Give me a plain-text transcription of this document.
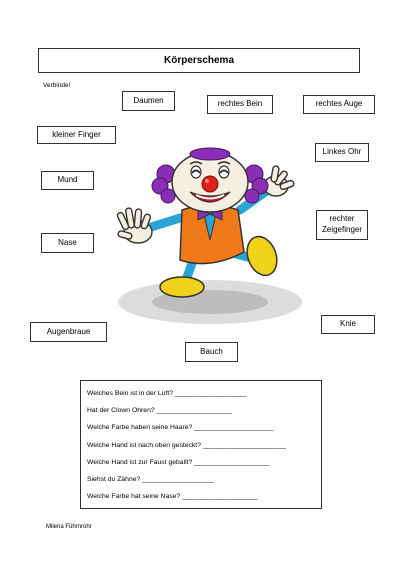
Körperschema
Verbinde!
Daumen	rechtes Bein	rechtes Auge
kleiner Finger
Linkes Ohr
Mund
rechter
Zeigefinger
Nase
Knie
Augenbraue
Bauch
Welches Bein ist in der Luft? ___________________
Hat der Clown Ohren? ____________________
Welche Farbe haben seine Haare? _____________________
Welche Hand ist nach oben gesteckt? ______________________
Welche Hand ist zur Faust geballt? ____________________
Siehst du Zähne? ___________________
Welche Farbe hat seine Nase? ____________________
Milena Führnrohr
